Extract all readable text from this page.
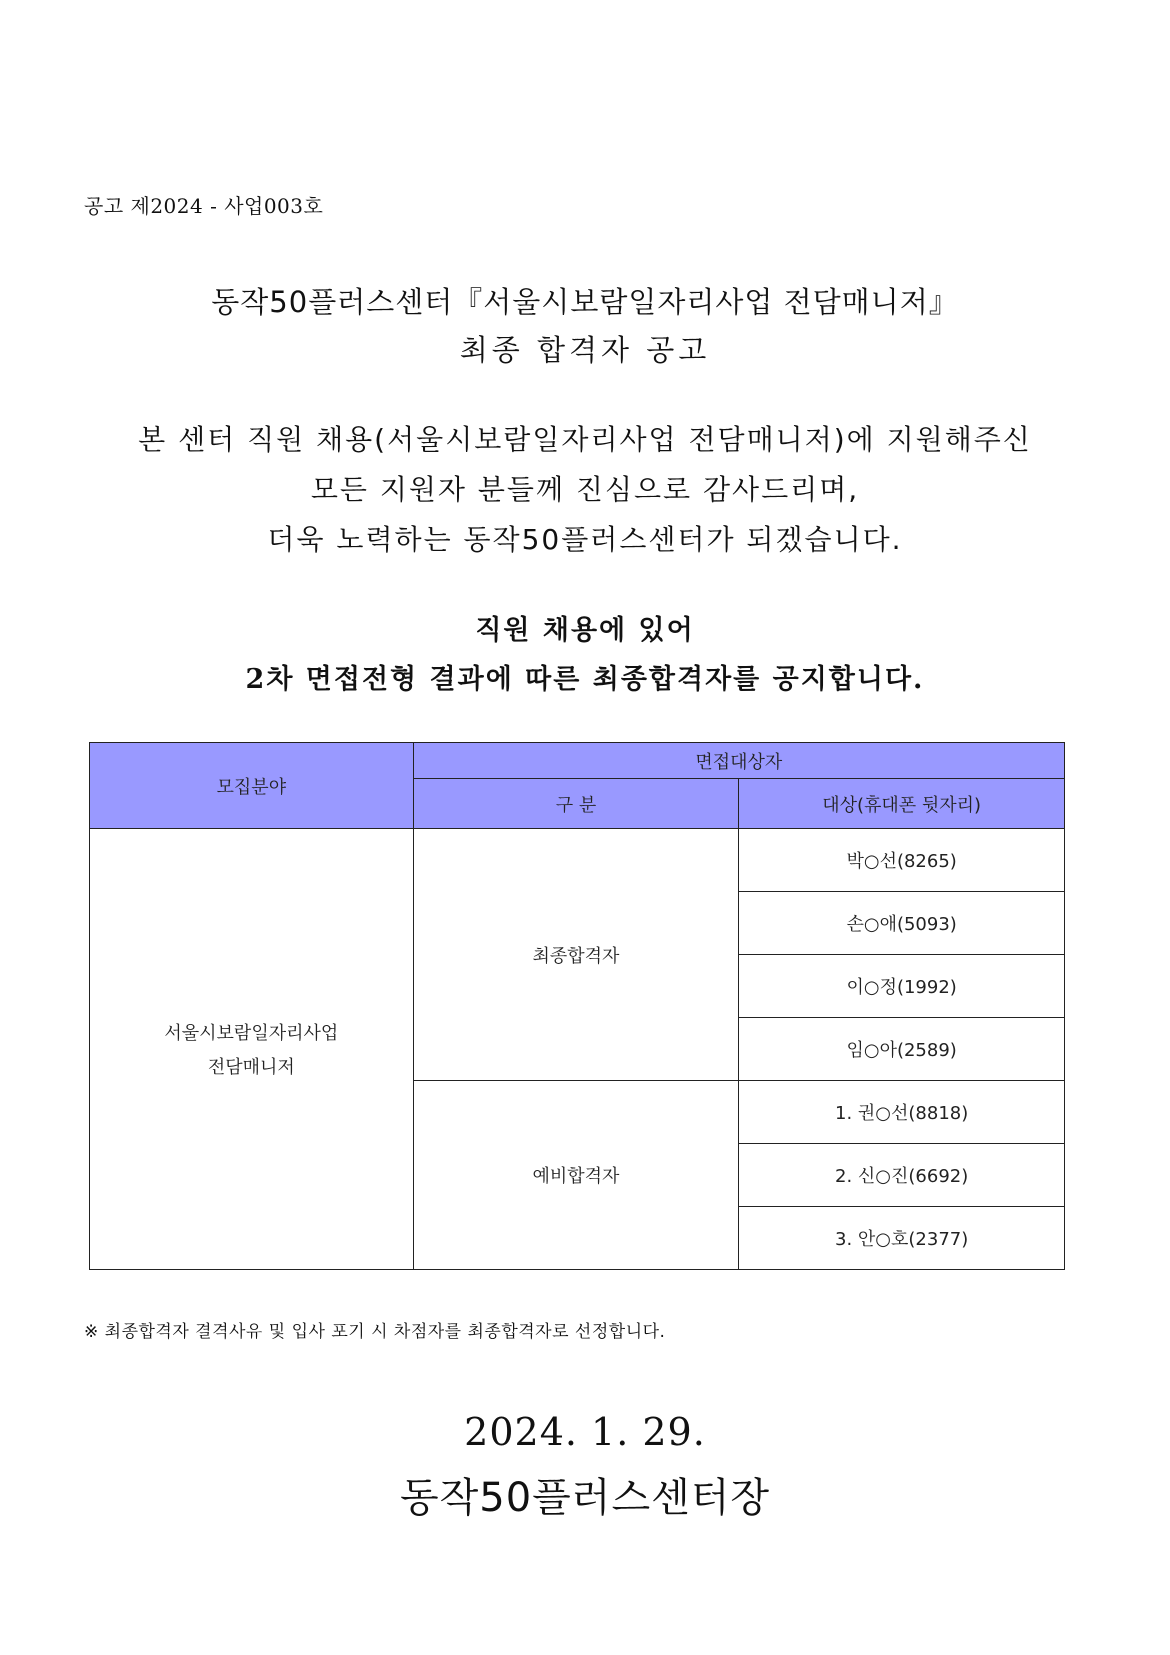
공고 제2024 - 사업003호
동작50플러스센터『서울시보람일자리사업 전담매니저』
최종 합격자 공고
본 센터 직원 채용(서울시보람일자리사업 전담매니저)에 지원해주신
모든 지원자 분들께 진심으로 감사드리며,
더욱 노력하는 동작50플러스센터가 되겠습니다.
직원 채용에 있어
2차 면접전형 결과에 따른 최종합격자를 공지합니다.
모집분야	면접대상자	
	구 분	대상(휴대폰 뒷자리)

서울시보람일자리사업
전담매니저	최종합격자	박○선(8265)
		손○애(5093)
		이○정(1992)
		임○아(2589)
	예비합격자	1. 권○선(8818)
		2. 신○진(6692)
		3. 안○호(2377)
※ 최종합격자 결격사유 및 입사 포기 시 차점자를 최종합격자로 선정합니다.
2024. 1. 29.
동작50플러스센터장
